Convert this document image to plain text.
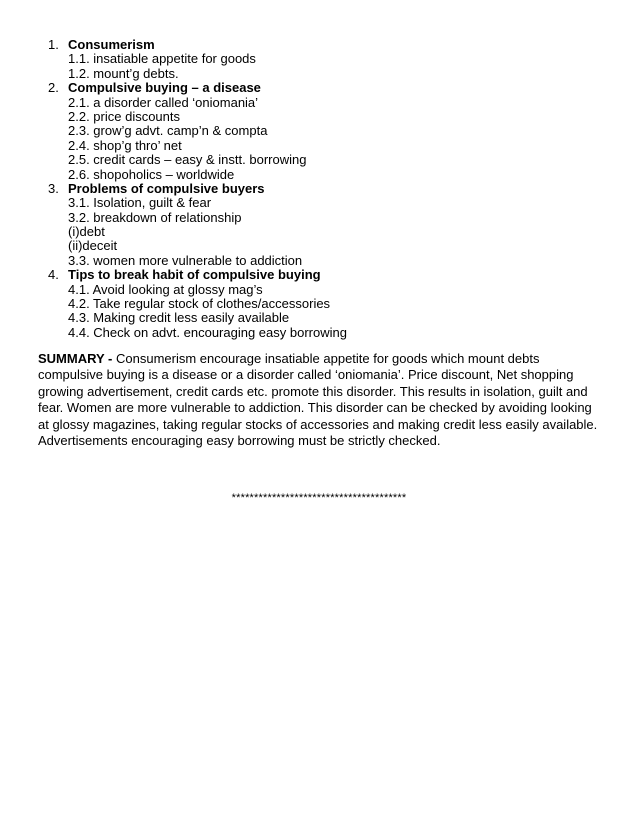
1. Consumerism
1.1. insatiable appetite for goods
1.2. mount’g debts.
2. Compulsive buying – a disease
2.1. a disorder called ‘oniomania’
2.2. price discounts
2.3. grow’g advt. camp’n & compta
2.4. shop’g thro’ net
2.5. credit cards – easy & instt. borrowing
2.6. shopoholics – worldwide
3. Problems of compulsive buyers
3.1. Isolation, guilt & fear
3.2. breakdown of relationship
(i)debt
(ii)deceit
3.3. women more vulnerable to addiction
4. Tips to break habit of compulsive buying
4.1. Avoid looking at glossy mag’s
4.2. Take regular stock of clothes/accessories
4.3. Making credit less easily available
4.4. Check on advt. encouraging easy borrowing

SUMMARY - Consumerism encourage insatiable appetite for goods which mount debts compulsive buying is a disease or a disorder called ‘oniomania’. Price discount, Net shopping growing advertisement, credit cards etc. promote this disorder. This results in isolation, guilt and fear. Women are more vulnerable to addiction. This disorder can be checked by avoiding looking at glossy magazines, taking regular stocks of accessories and making credit less easily available. Advertisements encouraging easy borrowing must be strictly checked.

***************************************
